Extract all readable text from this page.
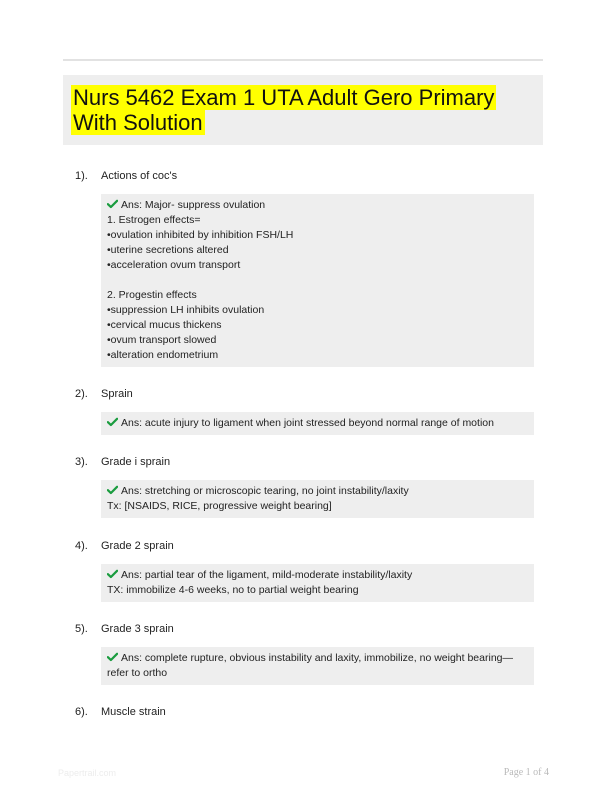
Nurs 5462 Exam 1 UTA Adult Gero Primary With Solution
1). Actions of coc's
Ans: Major- suppress ovulation
1. Estrogen effects=
•ovulation inhibited by inhibition FSH/LH
•uterine secretions altered
•acceleration ovum transport
2. Progestin effects
•suppression LH inhibits ovulation
•cervical mucus thickens
•ovum transport slowed
•alteration endometrium
2). Sprain
Ans: acute injury to ligament when joint stressed beyond normal range of motion
3). Grade i sprain
Ans: stretching or microscopic tearing, no joint instability/laxity
Tx: [NSAIDS, RICE, progressive weight bearing]
4). Grade 2 sprain
Ans: partial tear of the ligament, mild-moderate instability/laxity
TX: immobilize 4-6 weeks, no to partial weight bearing
5). Grade 3 sprain
Ans: complete rupture, obvious instability and laxity, immobilize, no weight bearing—
refer to ortho
6). Muscle strain
Papertrail.com	Page 1 of 4
